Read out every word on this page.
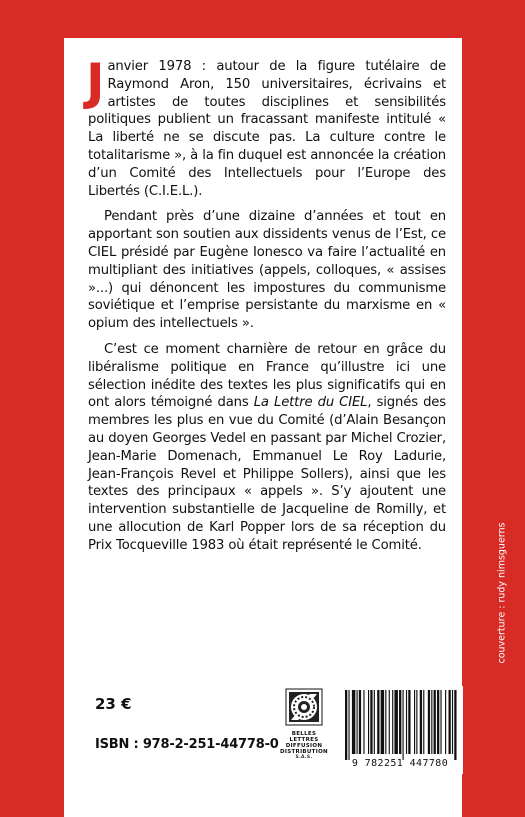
Janvier 1978 : autour de la figure tutélaire de Raymond Aron, 150 universitaires, écrivains et artistes de toutes disciplines et sensibilités politiques publient un fracassant manifeste intitulé « La liberté ne se discute pas. La culture contre le totalitarisme », à la fin duquel est annoncée la création d’un Comité des Intellectuels pour l’Europe des Libertés (C.I.E.L.).

Pendant près d’une dizaine d’années et tout en apportant son soutien aux dissidents venus de l’Est, ce CIEL présidé par Eugène Ionesco va faire l’actualité en multipliant des initiatives (appels, colloques, « assises »...) qui dénoncent les impostures du communisme soviétique et l’emprise persistante du marxisme en « opium des intellectuels ».

C’est ce moment charnière de retour en grâce du libéralisme politique en France qu’illustre ici une sélection inédite des textes les plus significatifs qui en ont alors témoigné dans La Lettre du CIEL, signés des membres les plus en vue du Comité (d’Alain Besançon au doyen Georges Vedel en passant par Michel Crozier, Jean-Marie Domenach, Emmanuel Le Roy Ladurie, Jean-François Revel et Philippe Sollers), ainsi que les textes des principaux « appels ». S’y ajoutent une intervention substantielle de Jacqueline de Romilly, et une allocution de Karl Popper lors de sa réception du Prix Tocqueville 1983 où était représenté le Comité.	couverture : rudy nimsguerns
23 €
ISBN : 978-2-251-44778-0
BELLES LETTRES
DIFFUSION
DISTRIBUTION
S.A.S.
9 782251 447780
